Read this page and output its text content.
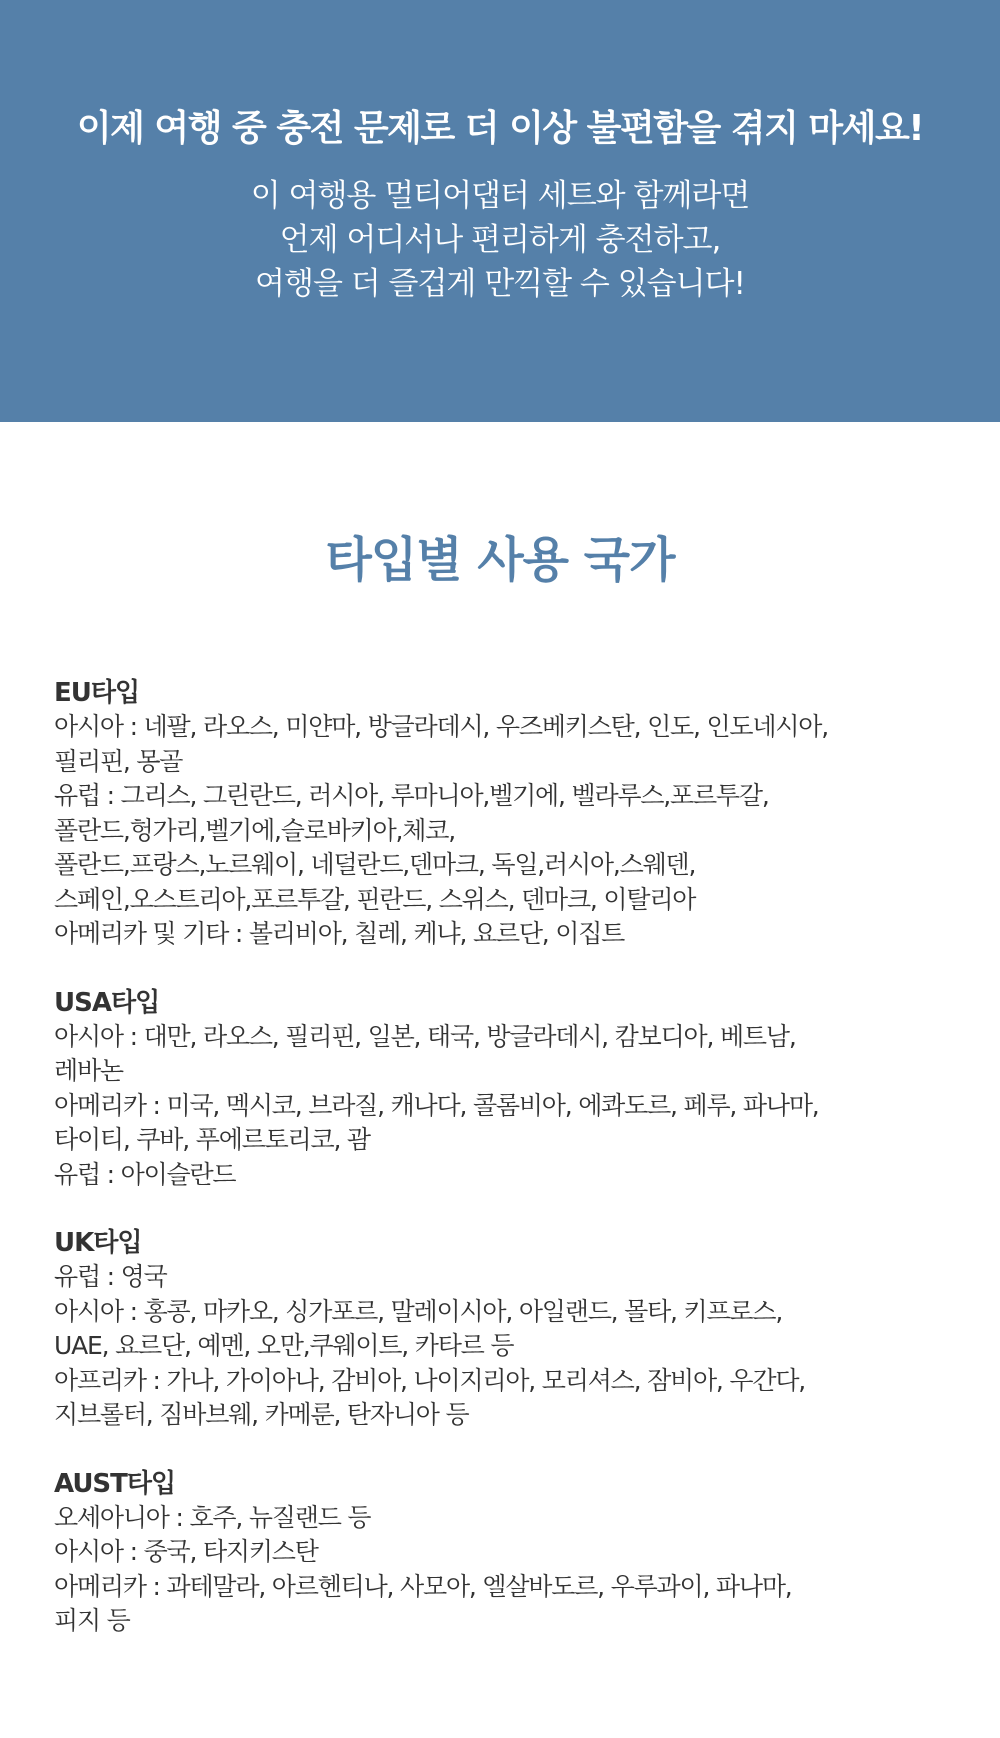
이제 여행 중 충전 문제로 더 이상 불편함을 겪지 마세요!
이 여행용 멀티어댑터 세트와 함께라면
언제 어디서나 편리하게 충전하고,
여행을 더 즐겁게 만끽할 수 있습니다!
타입별 사용 국가
EU타입
아시아 : 네팔, 라오스, 미얀마, 방글라데시, 우즈베키스탄, 인도, 인도네시아,
필리핀, 몽골
유럽 : 그리스, 그린란드, 러시아, 루마니아,벨기에, 벨라루스,포르투갈,
폴란드,헝가리,벨기에,슬로바키아,체코,
폴란드,프랑스,노르웨이, 네덜란드,덴마크, 독일,러시아,스웨덴,
스페인,오스트리아,포르투갈, 핀란드, 스위스, 덴마크, 이탈리아
아메리카 및 기타 : 볼리비아, 칠레, 케냐, 요르단, 이집트
USA타입
아시아 : 대만, 라오스, 필리핀, 일본, 태국, 방글라데시, 캄보디아, 베트남,
레바논
아메리카 : 미국, 멕시코, 브라질, 캐나다, 콜롬비아, 에콰도르, 페루, 파나마,
타이티, 쿠바, 푸에르토리코, 괌
유럽 : 아이슬란드
UK타입
유럽 : 영국
아시아 : 홍콩, 마카오, 싱가포르, 말레이시아, 아일랜드, 몰타, 키프로스,
UAE, 요르단, 예멘, 오만,쿠웨이트, 카타르 등
아프리카 : 가나, 가이아나, 감비아, 나이지리아, 모리셔스, 잠비아, 우간다,
지브롤터, 짐바브웨, 카메룬, 탄자니아 등
AUST타입
오세아니아 : 호주, 뉴질랜드 등
아시아 : 중국, 타지키스탄
아메리카 : 과테말라, 아르헨티나, 사모아, 엘살바도르, 우루과이, 파나마,
피지 등
